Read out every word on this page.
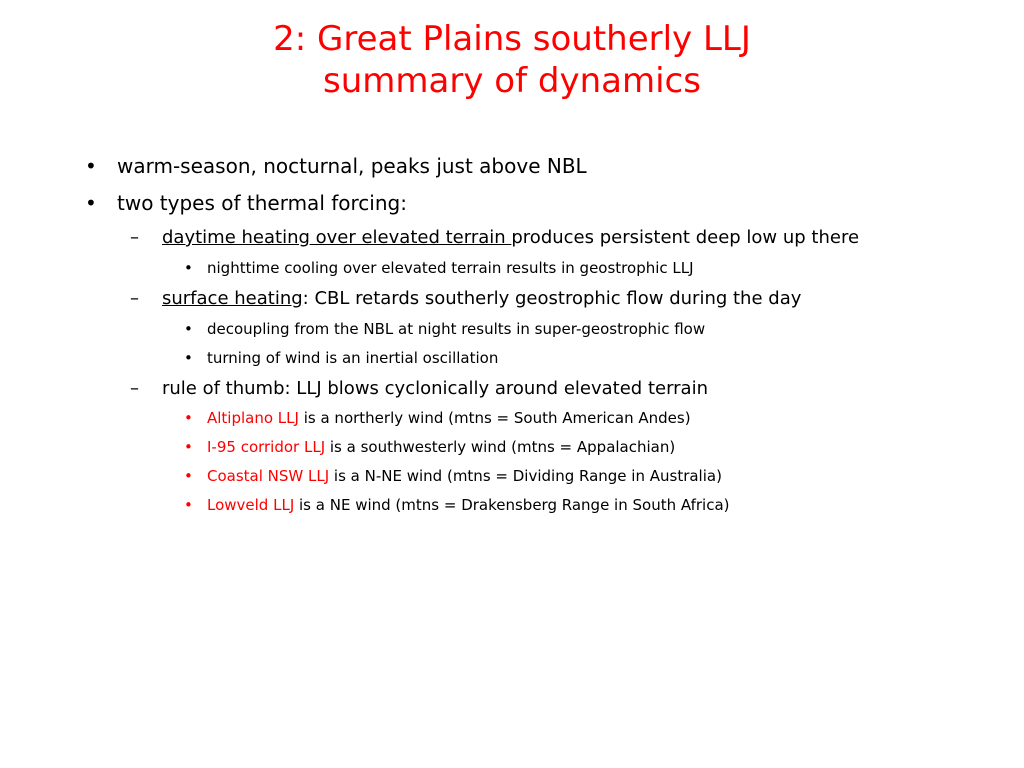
2: Great Plains southerly LLJ
summary of dynamics
• warm-season, nocturnal, peaks just above NBL
• two types of thermal forcing:
– daytime heating over elevated terrain produces persistent deep low up there
• nighttime cooling over elevated terrain results in geostrophic LLJ
– surface heating: CBL retards southerly geostrophic flow during the day
• decoupling from the NBL at night results in super-geostrophic flow
• turning of wind is an inertial oscillation
– rule of thumb: LLJ blows cyclonically around elevated terrain
• Altiplano LLJ is a northerly wind (mtns = South American Andes)
• I-95 corridor LLJ is a southwesterly wind (mtns = Appalachian)
• Coastal NSW LLJ is a N-NE wind (mtns = Dividing Range in Australia)
• Lowveld LLJ is a NE wind (mtns = Drakensberg Range in South Africa)
